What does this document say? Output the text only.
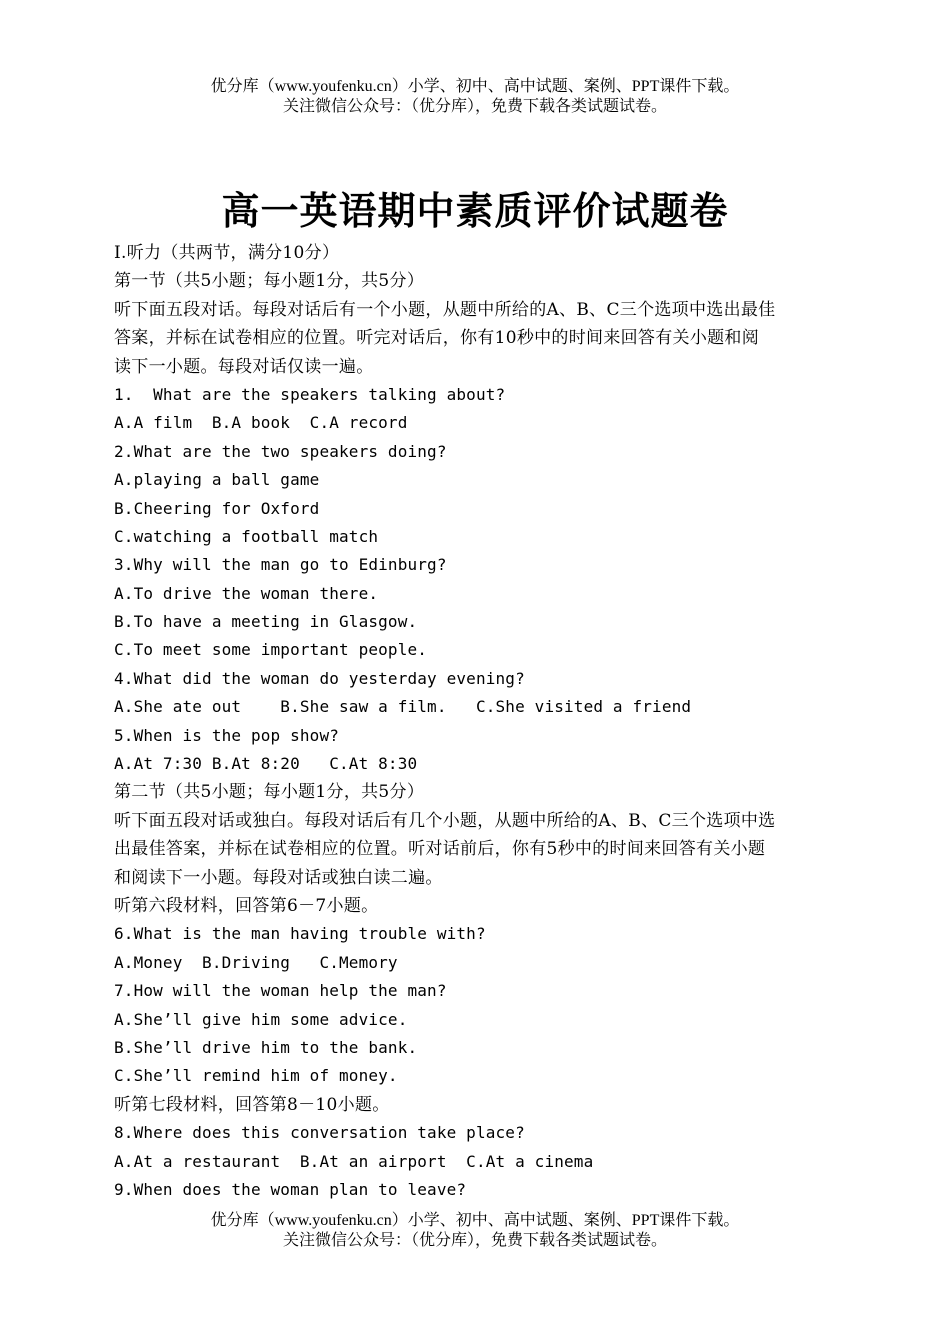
优分库（www.youfenku.cn）小学、初中、高中试题、案例、PPT课件下载。
关注微信公众号：（优分库），免费下载各类试题试卷。
高一英语期中素质评价试题卷
I.听力（共两节，满分10分）
第一节（共5小题；每小题1分，共5分）
听下面五段对话。每段对话后有一个小题，从题中所给的A、B、C三个选项中选出最佳
答案，并标在试卷相应的位置。听完对话后，你有10秒中的时间来回答有关小题和阅
读下一小题。每段对话仅读一遍。
1.  What are the speakers talking about?
A.A film  B.A book  C.A record
2.What are the two speakers doing?
A.playing a ball game
B.Cheering for Oxford
C.watching a football match
3.Why will the man go to Edinburg?
A.To drive the woman there.
B.To have a meeting in Glasgow.
C.To meet some important people.
4.What did the woman do yesterday evening?
A.She ate out    B.She saw a film.   C.She visited a friend
5.When is the pop show?
A.At 7:30 B.At 8:20   C.At 8:30
第二节（共5小题；每小题1分，共5分）
听下面五段对话或独白。每段对话后有几个小题，从题中所给的A、B、C三个选项中选
出最佳答案，并标在试卷相应的位置。听对话前后，你有5秒中的时间来回答有关小题
和阅读下一小题。每段对话或独白读二遍。
听第六段材料，回答第6－7小题。
6.What is the man having trouble with?
A.Money  B.Driving   C.Memory
7.How will the woman help the man?
A.She’ll give him some advice.
B.She’ll drive him to the bank.
C.She’ll remind him of money.
听第七段材料，回答第8－10小题。
8.Where does this conversation take place?
A.At a restaurant  B.At an airport  C.At a cinema
9.When does the woman plan to leave?
优分库（www.youfenku.cn）小学、初中、高中试题、案例、PPT课件下载。
关注微信公众号：（优分库），免费下载各类试题试卷。
